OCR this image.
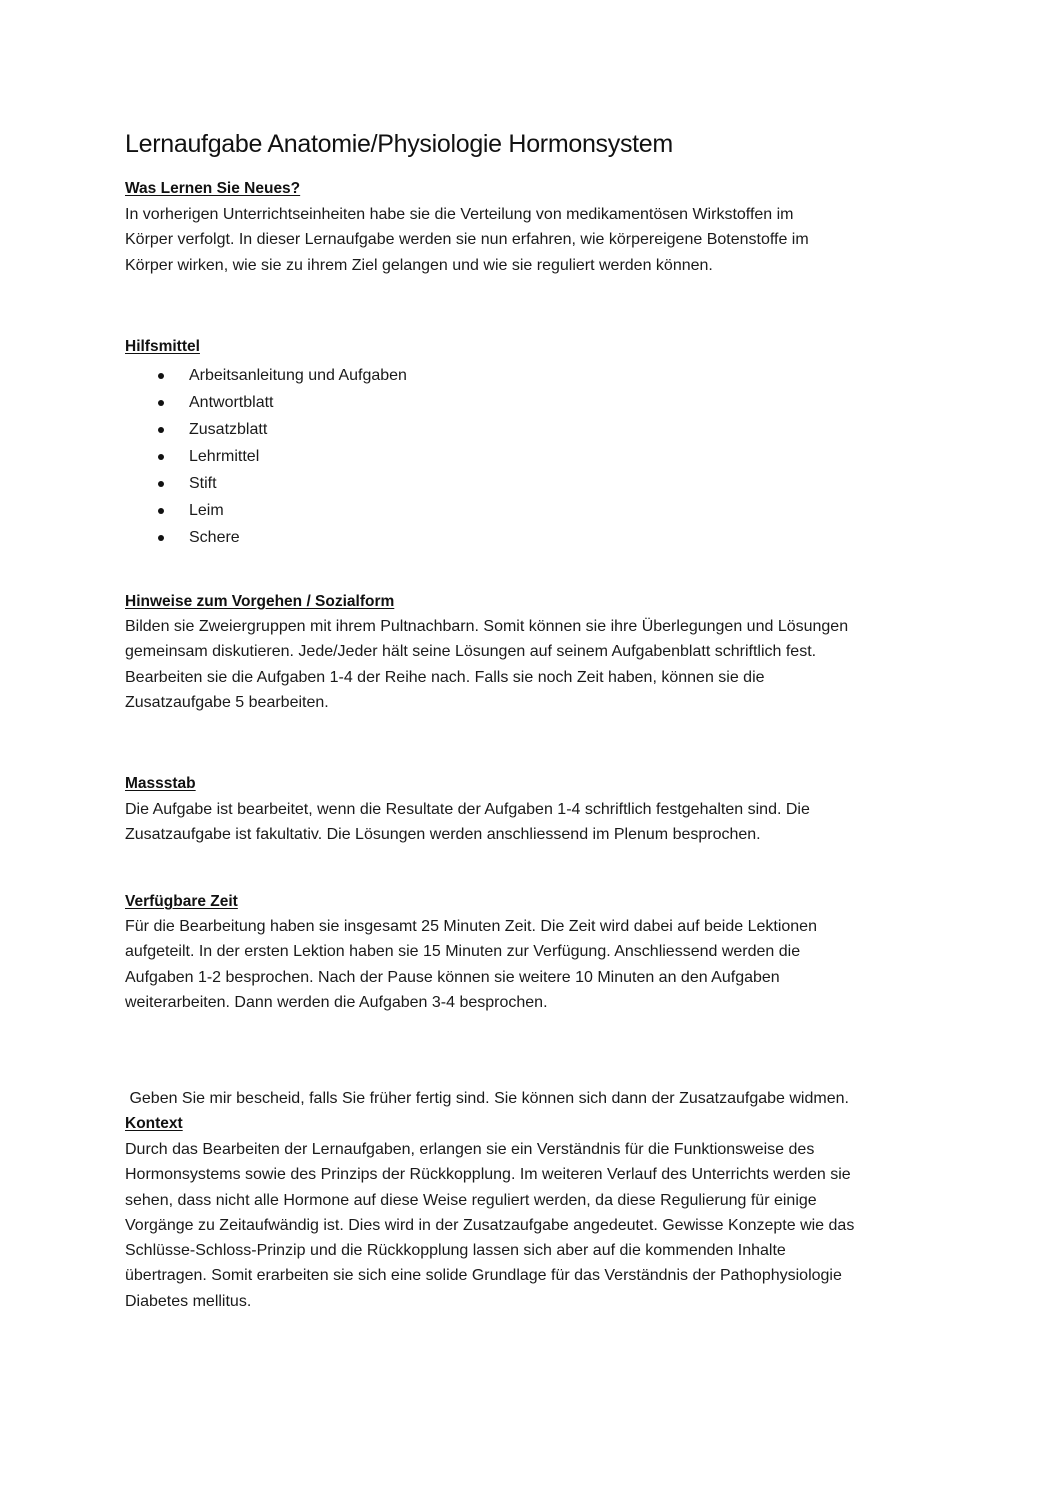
Lernaufgabe Anatomie/Physiologie Hormonsystem
Was Lernen Sie Neues?
In vorherigen Unterrichtseinheiten habe sie die Verteilung von medikamentösen Wirkstoffen im
Körper verfolgt. In dieser Lernaufgabe werden sie nun erfahren, wie körpereigene Botenstoffe im
Körper wirken, wie sie zu ihrem Ziel gelangen und wie sie reguliert werden können.
Hilfsmittel
Arbeitsanleitung und Aufgaben
Antwortblatt
Zusatzblatt
Lehrmittel
Stift
Leim
Schere
Hinweise zum Vorgehen / Sozialform
Bilden sie Zweiergruppen mit ihrem Pultnachbarn. Somit können sie ihre Überlegungen und Lösungen
gemeinsam diskutieren. Jede/Jeder hält seine Lösungen auf seinem Aufgabenblatt schriftlich fest.
Bearbeiten sie die Aufgaben 1-4 der Reihe nach. Falls sie noch Zeit haben, können sie die
Zusatzaufgabe 5 bearbeiten.
Massstab
Die Aufgabe ist bearbeitet, wenn die Resultate der Aufgaben 1-4 schriftlich festgehalten sind. Die
Zusatzaufgabe ist fakultativ. Die Lösungen werden anschliessend im Plenum besprochen.
Verfügbare Zeit
Für die Bearbeitung haben sie insgesamt 25 Minuten Zeit. Die Zeit wird dabei auf beide Lektionen
aufgeteilt. In der ersten Lektion haben sie 15 Minuten zur Verfügung. Anschliessend werden die
Aufgaben 1-2 besprochen. Nach der Pause können sie weitere 10 Minuten an den Aufgaben
weiterarbeiten. Dann werden die Aufgaben 3-4 besprochen.

Geben Sie mir bescheid, falls Sie früher fertig sind. Sie können sich dann der Zusatzaufgabe widmen.

Kontext
Durch das Bearbeiten der Lernaufgaben, erlangen sie ein Verständnis für die Funktionsweise des
Hormonsystems sowie des Prinzips der Rückkopplung. Im weiteren Verlauf des Unterrichts werden sie
sehen, dass nicht alle Hormone auf diese Weise reguliert werden, da diese Regulierung für einige
Vorgänge zu Zeitaufwändig ist. Dies wird in der Zusatzaufgabe angedeutet. Gewisse Konzepte wie das
Schlüsse-Schloss-Prinzip und die Rückkopplung lassen sich aber auf die kommenden Inhalte
übertragen. Somit erarbeiten sie sich eine solide Grundlage für das Verständnis der Pathophysiologie
Diabetes mellitus.
